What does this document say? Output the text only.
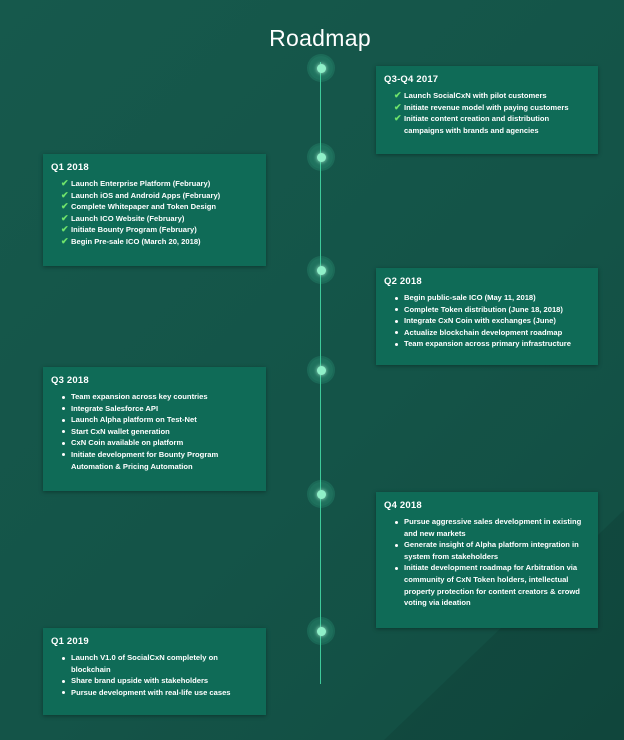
Roadmap
Q3-Q4 2017
✔ Launch SocialCxN with pilot customers
✔ Initiate revenue model with paying customers
✔ Initiate content creation and distribution campaigns with brands and agencies
Q1 2018
✔ Launch Enterprise Platform (February)
✔ Launch iOS and Android Apps (February)
✔ Complete Whitepaper and Token Design
✔ Launch ICO Website (February)
✔ Initiate Bounty Program (February)
✔ Begin Pre-sale ICO (March 20, 2018)
Q2 2018
Begin public-sale ICO (May 11, 2018)
Complete Token distribution (June 18, 2018)
Integrate CxN Coin with exchanges (June)
Actualize blockchain development roadmap
Team expansion across primary infrastructure
Q3 2018
Team expansion across key countries
Integrate Salesforce API
Launch Alpha platform on Test-Net
Start CxN wallet generation
CxN Coin available on platform
Initiate development for Bounty Program Automation & Pricing Automation
Q4 2018
Pursue aggressive sales development in existing and new markets
Generate insight of Alpha platform integration in system from stakeholders
Initiate development roadmap for Arbitration via community of CxN Token holders, intellectual property protection for content creators & crowd voting via ideation
Q1 2019
Launch V1.0 of SocialCxN completely on blockchain
Share brand upside with stakeholders
Pursue development with real-life use cases
